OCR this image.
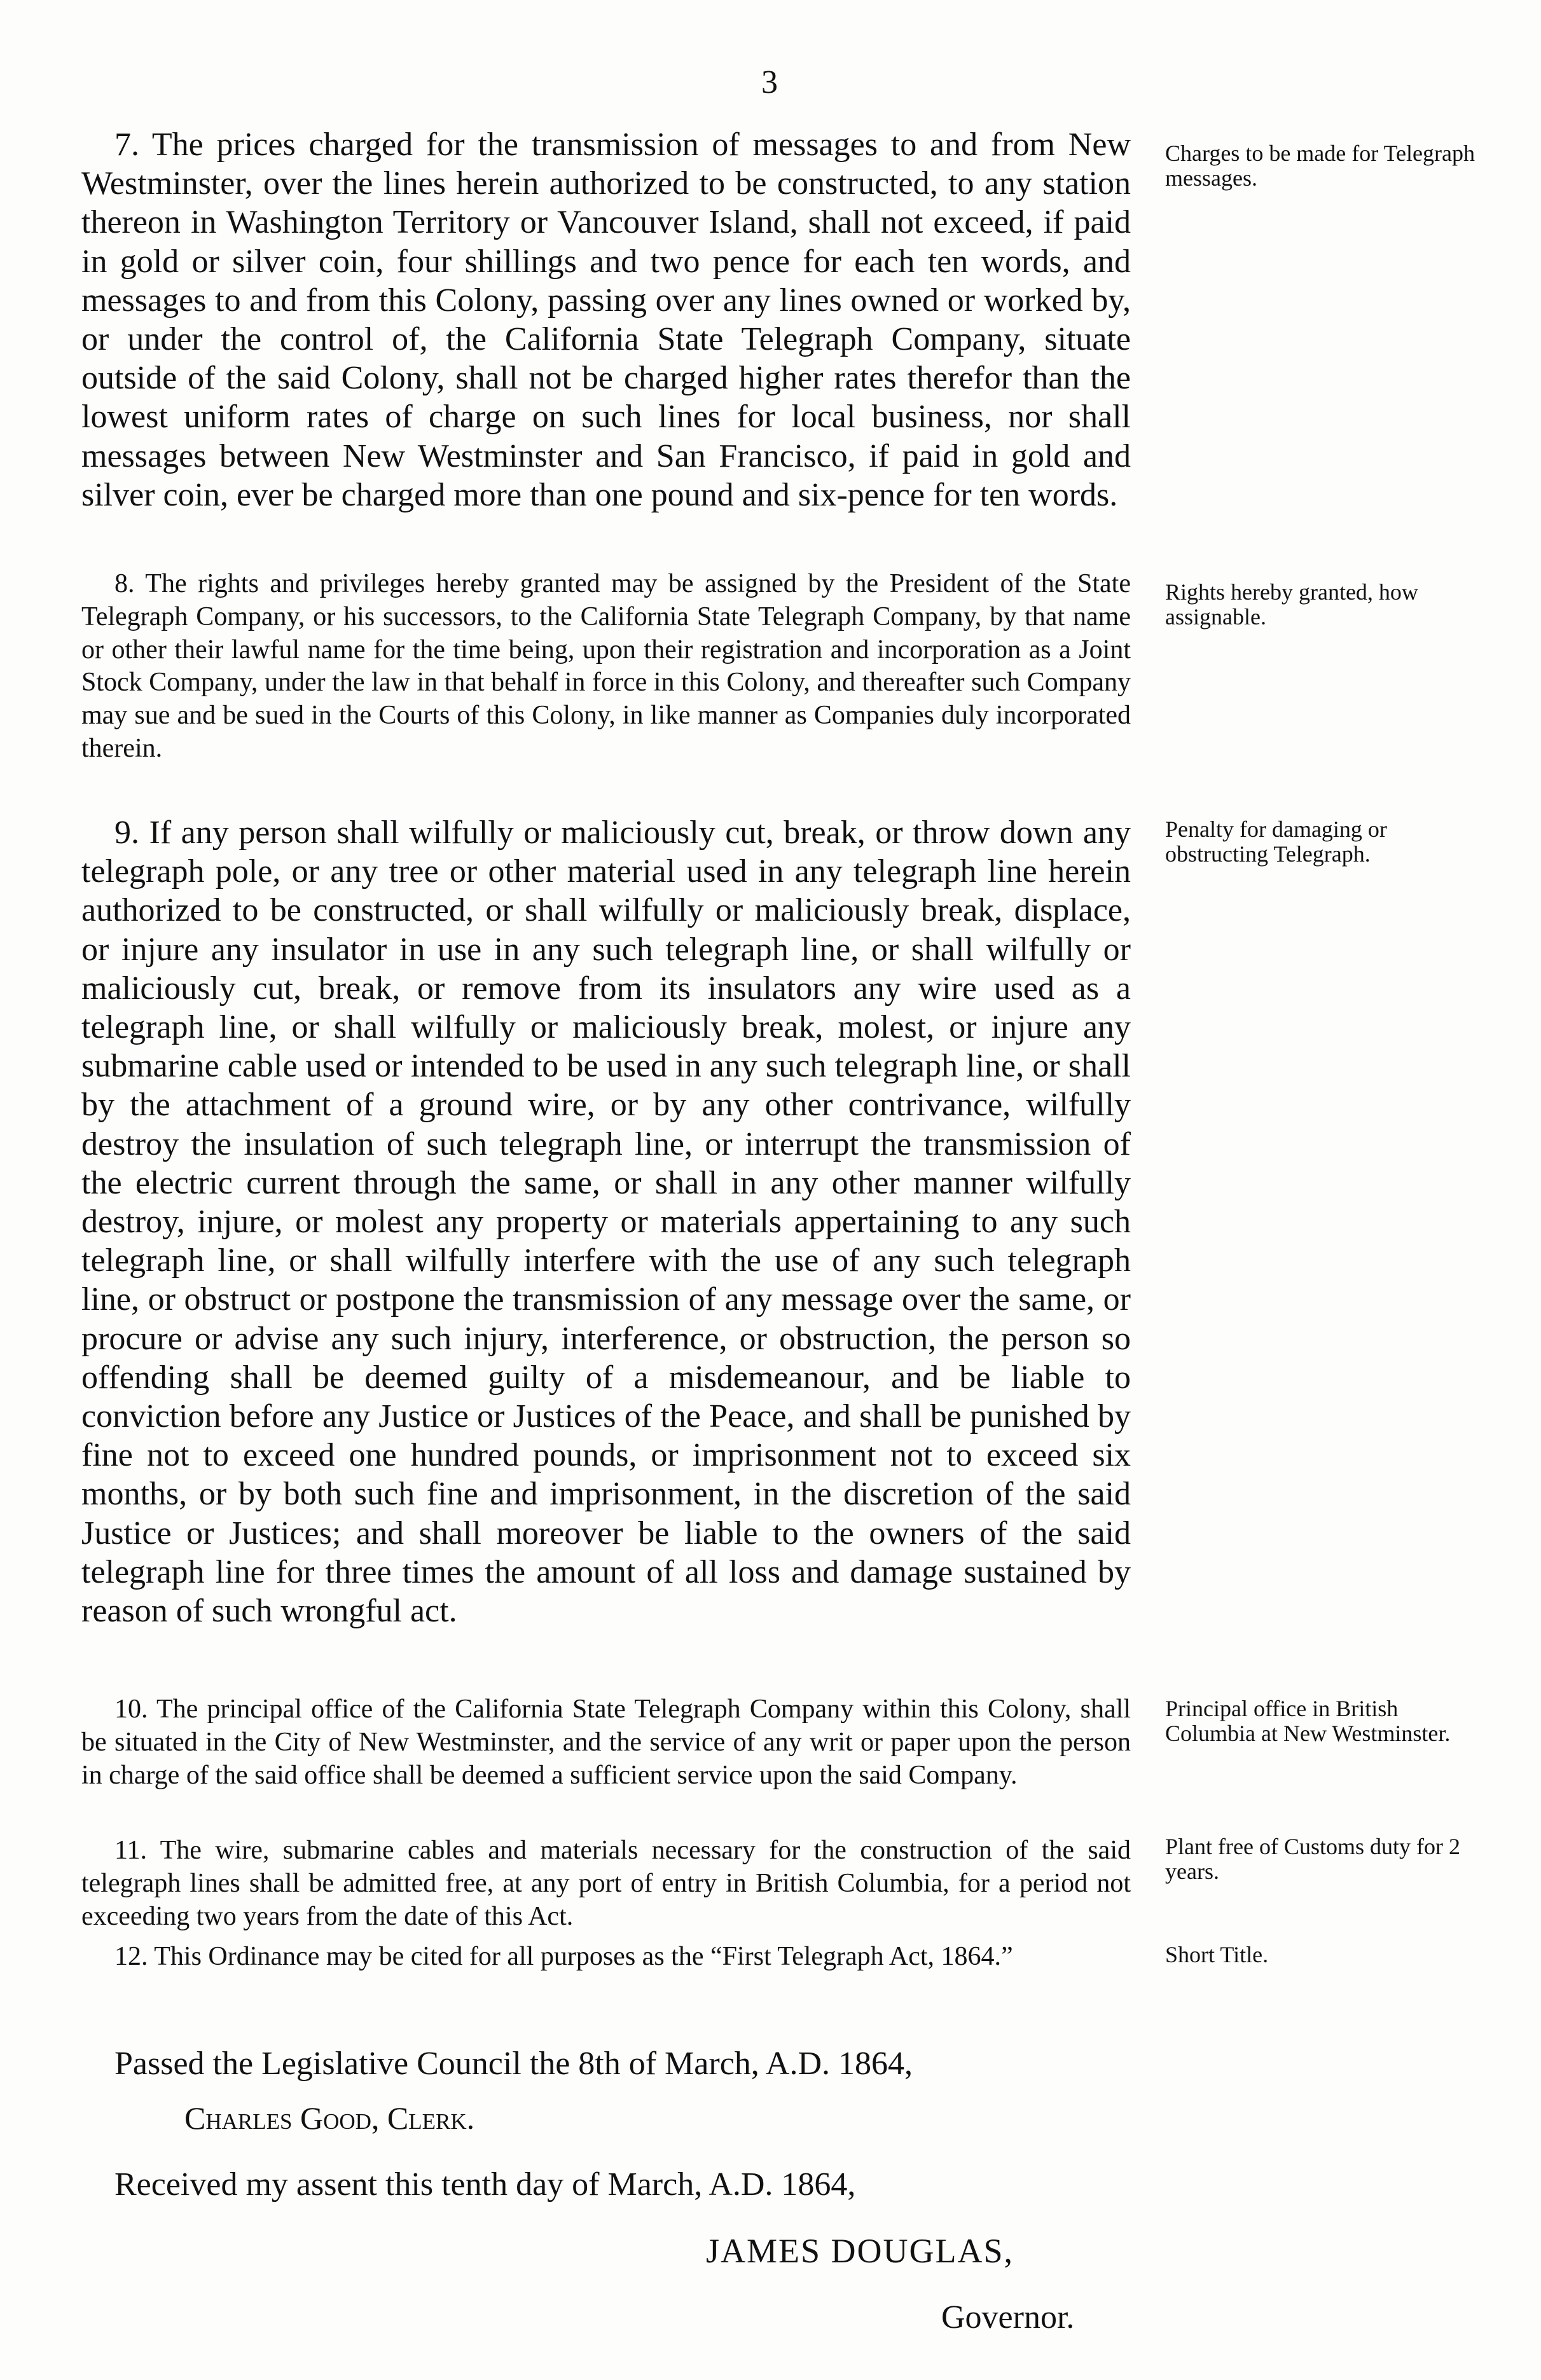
3
7. The prices charged for the transmission of messages to and from New Westminster, over the lines herein authorized to be constructed, to any station thereon in Washington Territory or Vancouver Island, shall not exceed, if paid in gold or silver coin, four shillings and two pence for each ten words, and messages to and from this Colony, passing over any lines owned or worked by, or under the control of, the California State Telegraph Company, situate outside of the said Colony, shall not be charged higher rates therefor than the lowest uniform rates of charge on such lines for local business, nor shall messages between New Westminster and San Francisco, if paid in gold and silver coin, ever be charged more than one pound and six-pence for ten words.
Charges to be made for Telegraph messages.
8. The rights and privileges hereby granted may be assigned by the President of the State Telegraph Company, or his successors, to the California State Telegraph Company, by that name or other their lawful name for the time being, upon their registration and incorporation as a Joint Stock Company, under the law in that behalf in force in this Colony, and thereafter such Company may sue and be sued in the Courts of this Colony, in like manner as Companies duly incorporated therein.
Rights hereby granted, how assignable.
9. If any person shall wilfully or maliciously cut, break, or throw down any telegraph pole, or any tree or other material used in any telegraph line herein authorized to be constructed, or shall wilfully or maliciously break, displace, or injure any insulator in use in any such telegraph line, or shall wilfully or maliciously cut, break, or remove from its insulators any wire used as a telegraph line, or shall wilfully or maliciously break, molest, or injure any submarine cable used or intended to be used in any such telegraph line, or shall by the attachment of a ground wire, or by any other contrivance, wilfully destroy the insulation of such telegraph line, or interrupt the transmission of the electric current through the same, or shall in any other manner wilfully destroy, injure, or molest any property or materials appertaining to any such telegraph line, or shall wilfully interfere with the use of any such telegraph line, or obstruct or postpone the transmission of any message over the same, or procure or advise any such injury, interference, or obstruction, the person so offending shall be deemed guilty of a misdemeanour, and be liable to conviction before any Justice or Justices of the Peace, and shall be punished by fine not to exceed one hundred pounds, or imprisonment not to exceed six months, or by both such fine and imprisonment, in the discretion of the said Justice or Justices; and shall moreover be liable to the owners of the said telegraph line for three times the amount of all loss and damage sustained by reason of such wrongful act.
Penalty for damaging or obstructing Telegraph.
10. The principal office of the California State Telegraph Company within this Colony, shall be situated in the City of New Westminster, and the service of any writ or paper upon the person in charge of the said office shall be deemed a sufficient service upon the said Company.
Principal office in British Columbia at New Westminster.
11. The wire, submarine cables and materials necessary for the construction of the said telegraph lines shall be admitted free, at any port of entry in British Columbia, for a period not exceeding two years from the date of this Act.
Plant free of Customs duty for 2 years.
12. This Ordinance may be cited for all purposes as the “First Telegraph Act, 1864.”	Short Title.
Passed the Legislative Council the 8th of March, A.D. 1864,
Charles Good, Clerk.
Received my assent this tenth day of March, A.D. 1864,
JAMES DOUGLAS,
Governor.
